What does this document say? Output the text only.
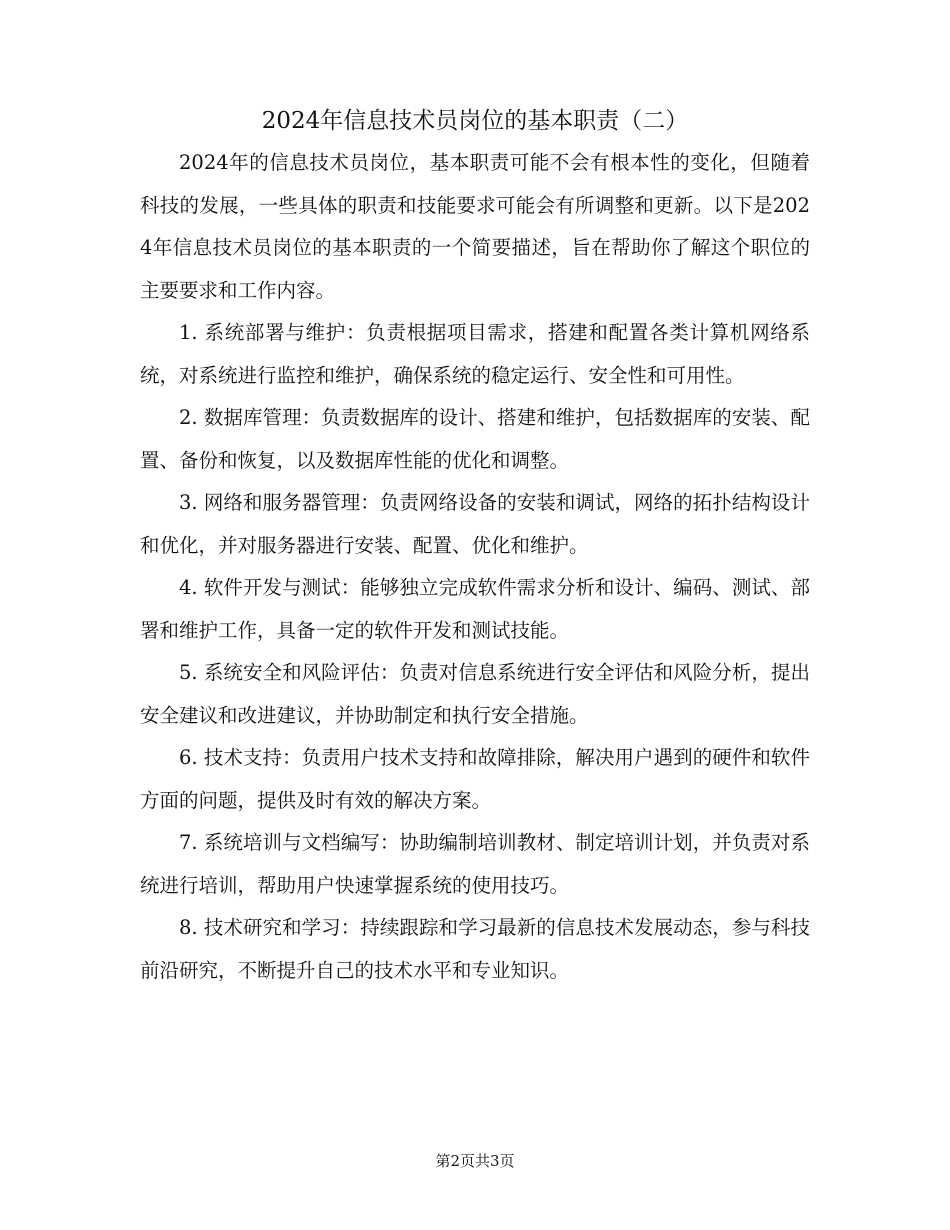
2024年信息技术员岗位的基本职责（二）

2024年的信息技术员岗位，基本职责可能不会有根本性的变化，但随着科技的发展，一些具体的职责和技能要求可能会有所调整和更新。以下是2024年信息技术员岗位的基本职责的一个简要描述，旨在帮助你了解这个职位的主要要求和工作内容。

1. 系统部署与维护：负责根据项目需求，搭建和配置各类计算机网络系统，对系统进行监控和维护，确保系统的稳定运行、安全性和可用性。

2. 数据库管理：负责数据库的设计、搭建和维护，包括数据库的安装、配置、备份和恢复，以及数据库性能的优化和调整。

3. 网络和服务器管理：负责网络设备的安装和调试，网络的拓扑结构设计和优化，并对服务器进行安装、配置、优化和维护。

4. 软件开发与测试：能够独立完成软件需求分析和设计、编码、测试、部署和维护工作，具备一定的软件开发和测试技能。

5. 系统安全和风险评估：负责对信息系统进行安全评估和风险分析，提出安全建议和改进建议，并协助制定和执行安全措施。

6. 技术支持：负责用户技术支持和故障排除，解决用户遇到的硬件和软件方面的问题，提供及时有效的解决方案。

7. 系统培训与文档编写：协助编制培训教材、制定培训计划，并负责对系统进行培训，帮助用户快速掌握系统的使用技巧。

8. 技术研究和学习：持续跟踪和学习最新的信息技术发展动态，参与科技前沿研究，不断提升自己的技术水平和专业知识。

第2页共3页
